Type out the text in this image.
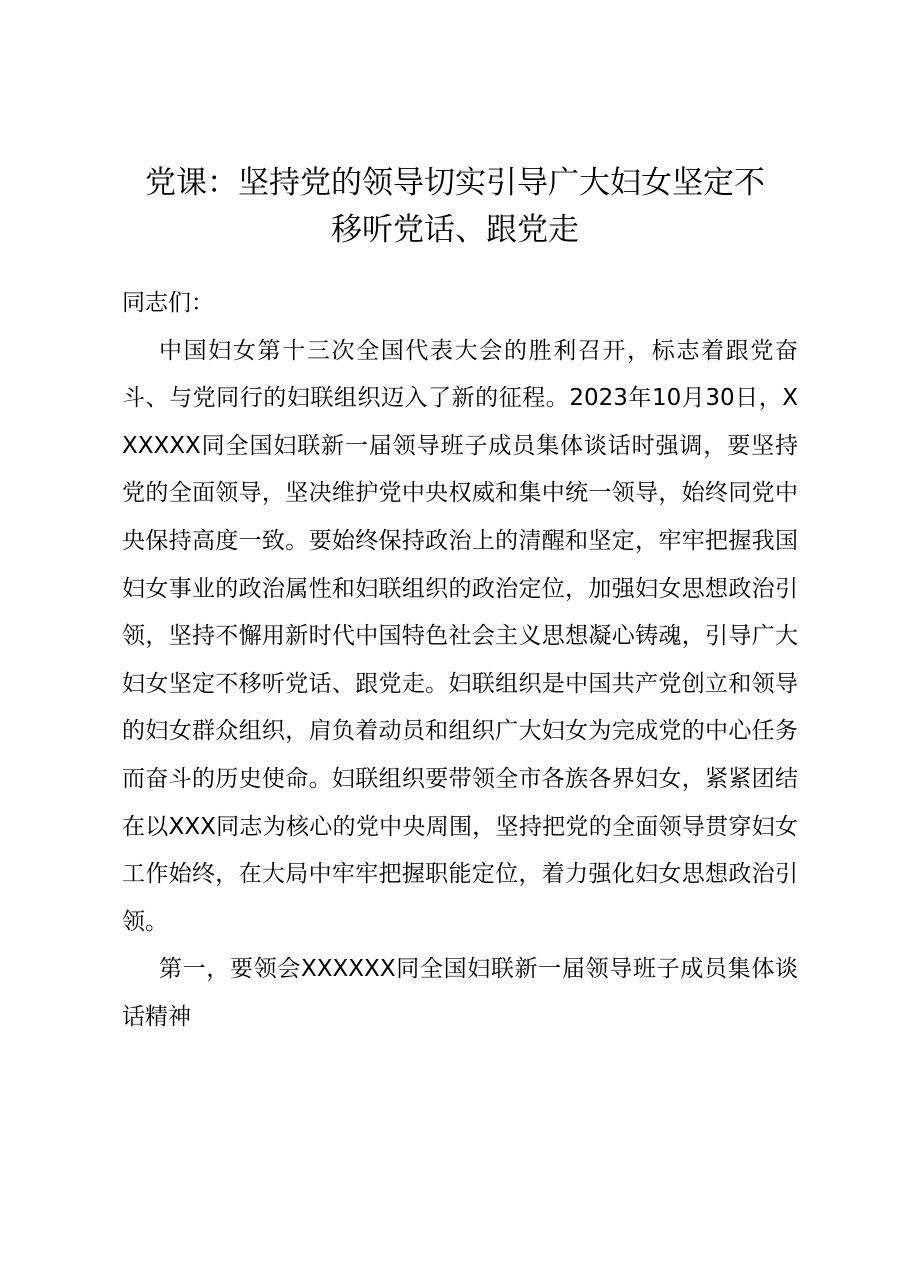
党课：坚持党的领导切实引导广大妇女坚定不
移听党话、跟党走

同志们：

中国妇女第十三次全国代表大会的胜利召开，标志着跟党奋斗、与党同行的妇联组织迈入了新的征程。2023年10月30日，XXXXXX同全国妇联新一届领导班子成员集体谈话时强调，要坚持党的全面领导，坚决维护党中央权威和集中统一领导，始终同党中央保持高度一致。要始终保持政治上的清醒和坚定，牢牢把握我国妇女事业的政治属性和妇联组织的政治定位，加强妇女思想政治引领，坚持不懈用新时代中国特色社会主义思想凝心铸魂，引导广大妇女坚定不移听党话、跟党走。妇联组织是中国共产党创立和领导的妇女群众组织，肩负着动员和组织广大妇女为完成党的中心任务而奋斗的历史使命。妇联组织要带领全市各族各界妇女，紧紧团结在以XXX同志为核心的党中央周围，坚持把党的全面领导贯穿妇女工作始终，在大局中牢牢把握职能定位，着力强化妇女思想政治引领。

第一，要领会XXXXXX同全国妇联新一届领导班子成员集体谈话精神
